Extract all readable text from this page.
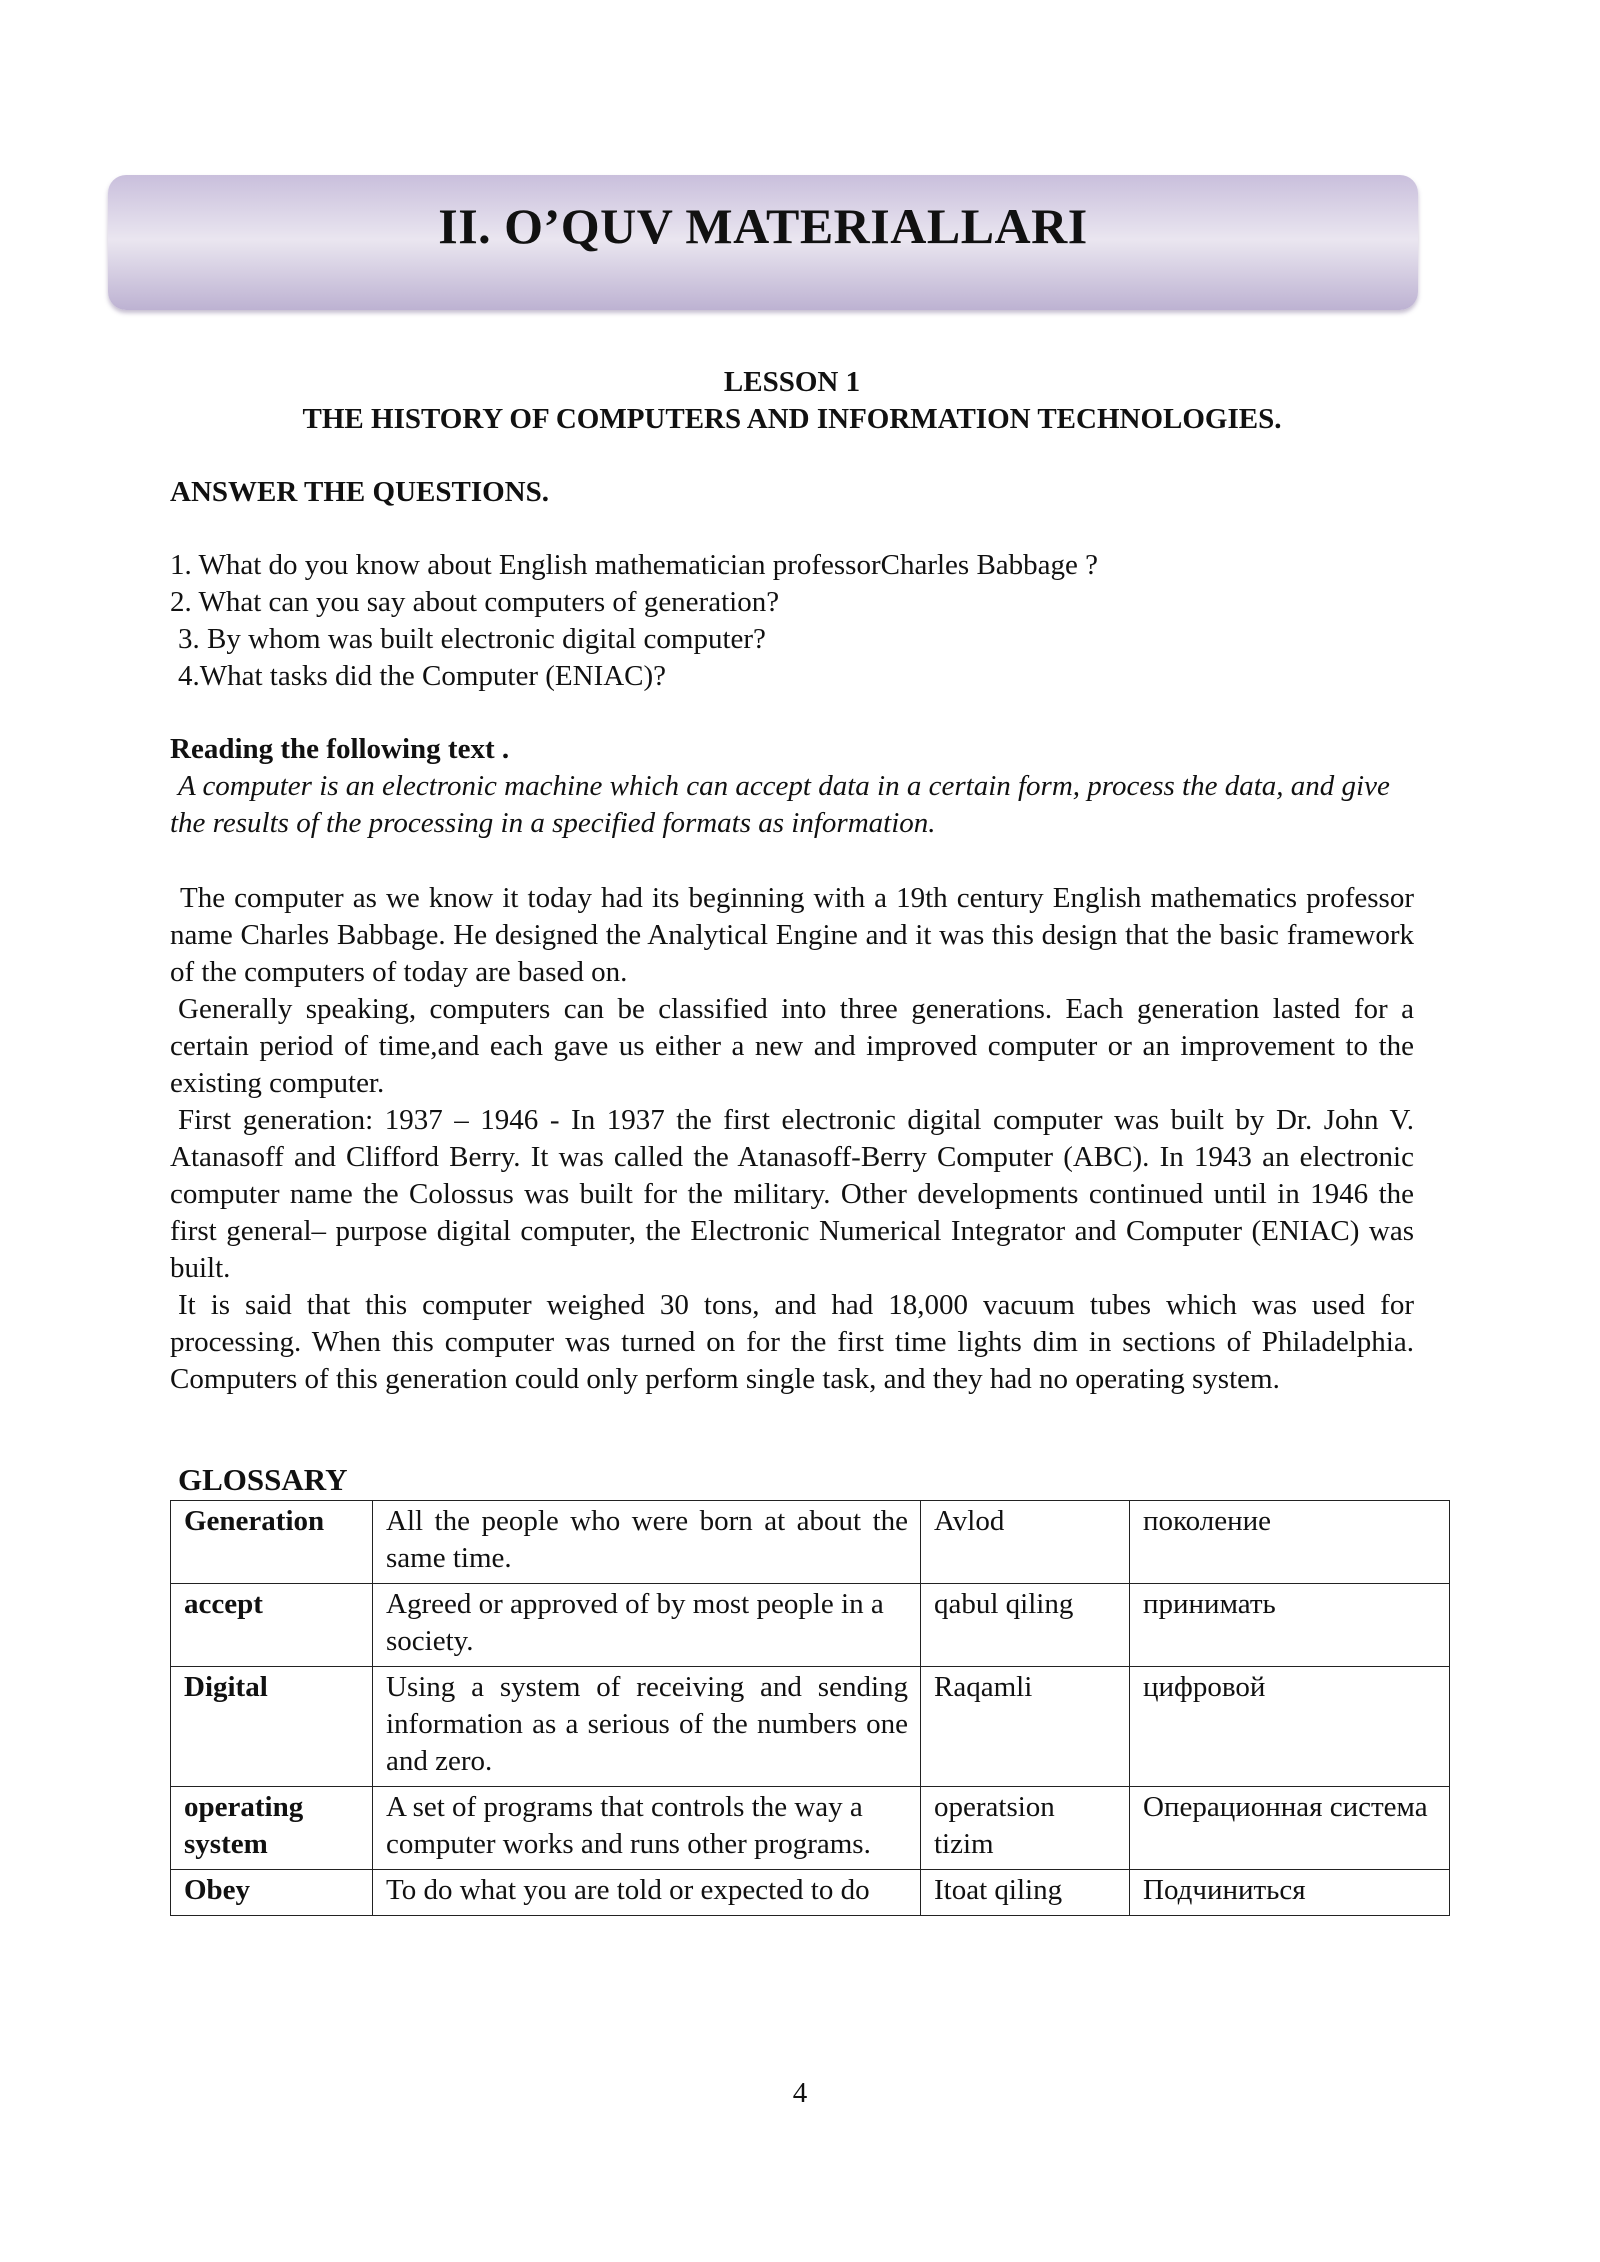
II. O’QUV MATERIALLARI

LESSON 1

THE HISTORY OF COMPUTERS AND INFORMATION TECHNOLOGIES.

ANSWER THE QUESTIONS.

1. What do you know about English mathematician professorCharles Babbage ?

2. What can you say about computers of generation?

3. By whom was built electronic digital computer?

4.What tasks did the Computer (ENIAC)?

Reading the following text .
A computer is an electronic machine which can accept data in a certain form, process the data, and give the results of the processing in a specified formats as information.

The computer as we know it today had its beginning with a 19th century English mathematics professor name Charles Babbage. He designed the Analytical Engine and it was this design that the basic framework of the computers of today are based on.

Generally speaking, computers can be classified into three generations. Each generation lasted for a certain period of time,and each gave us either a new and improved computer or an improvement to the existing computer.

First generation: 1937 – 1946 - In 1937 the first electronic digital computer was built by Dr. John V. Atanasoff and Clifford Berry. It was called the Atanasoff-Berry Computer (ABC). In 1943 an electronic computer name the Colossus was built for the military. Other developments continued until in 1946 the first general– purpose digital computer, the Electronic Numerical Integrator and Computer (ENIAC) was built.

It is said that this computer weighed 30 tons, and had 18,000 vacuum tubes which was used for processing. When this computer was turned on for the first time lights dim in sections of Philadelphia. Computers of this generation could only perform single task, and they had no operating system.

GLOSSARY
Generation	All the people who were born at about the same time.	Avlod	поколение
accept	Agreed or approved of by most people in a society.	qabul qiling	принимать
Digital	Using a system of receiving and sending information as a serious of the numbers one and zero.	Raqamli	цифровой
operating system	A set of programs that controls the way a computer works and runs other programs.	operatsion tizim	Операционная система
Obey	To do what you are told or expected to do	Itoat qiling	Подчиниться
4
